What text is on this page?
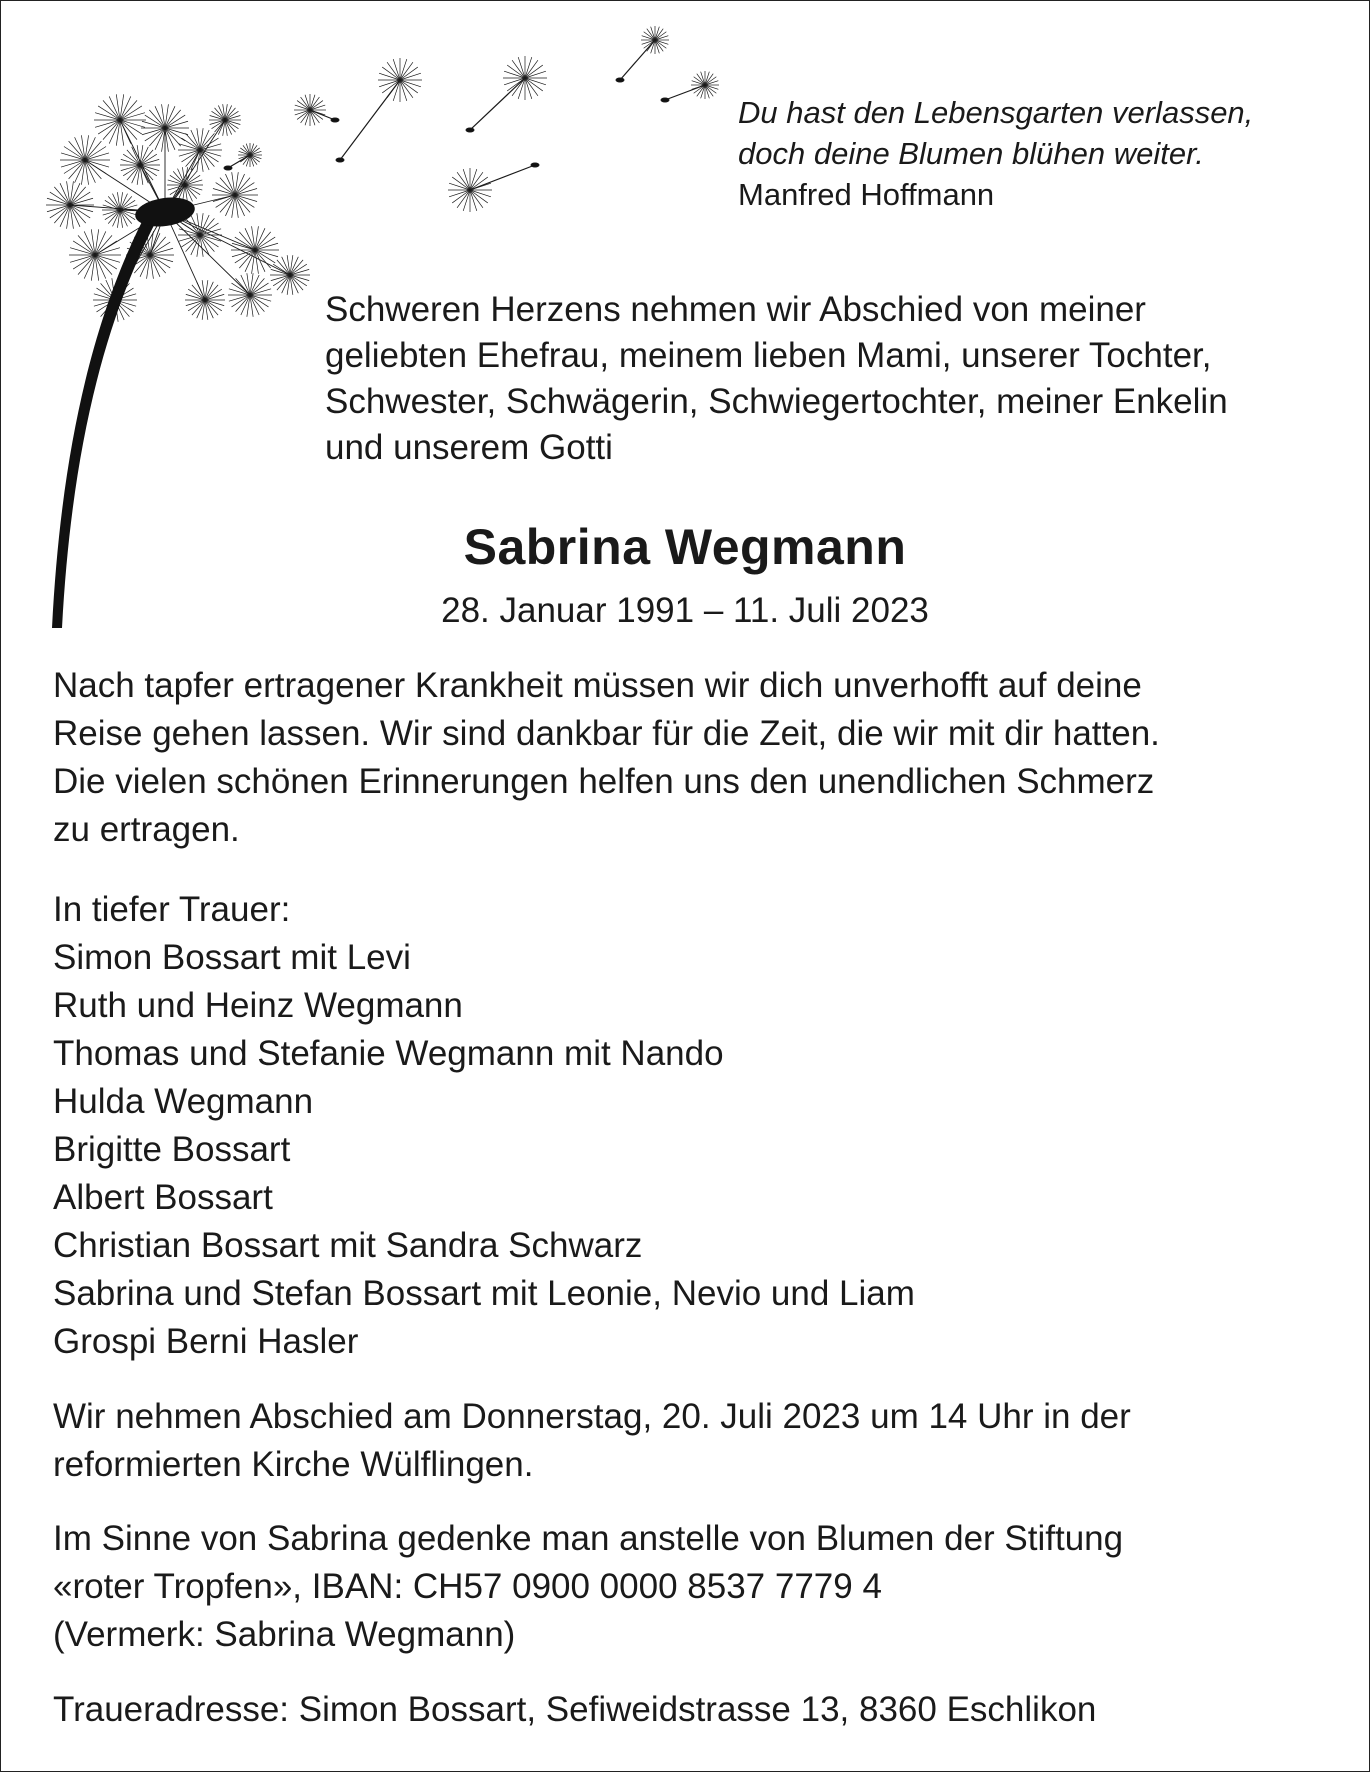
Du hast den Lebensgarten verlassen,
doch deine Blumen blühen weiter.
Manfred Hoffmann
Schweren Herzens nehmen wir Abschied von meiner
geliebten Ehefrau, meinem lieben Mami, unserer Tochter,
Schwester, Schwägerin, Schwiegertochter, meiner Enkelin
und unserem Gotti
Sabrina Wegmann
28. Januar 1991 – 11. Juli 2023
Nach tapfer ertragener Krankheit müssen wir dich unverhofft auf deine
Reise gehen lassen. Wir sind dankbar für die Zeit, die wir mit dir hatten.
Die vielen schönen Erinnerungen helfen uns den unendlichen Schmerz
zu ertragen.
In tiefer Trauer:
Simon Bossart mit Levi
Ruth und Heinz Wegmann
Thomas und Stefanie Wegmann mit Nando
Hulda Wegmann
Brigitte Bossart
Albert Bossart
Christian Bossart mit Sandra Schwarz
Sabrina und Stefan Bossart mit Leonie, Nevio und Liam
Grospi Berni Hasler
Wir nehmen Abschied am Donnerstag, 20. Juli 2023 um 14 Uhr in der
reformierten Kirche Wülflingen.
Im Sinne von Sabrina gedenke man anstelle von Blumen der Stiftung
«roter Tropfen», IBAN: CH57 0900 0000 8537 7779 4
(Vermerk: Sabrina Wegmann)
Traueradresse: Simon Bossart, Sefiweidstrasse 13, 8360 Eschlikon
